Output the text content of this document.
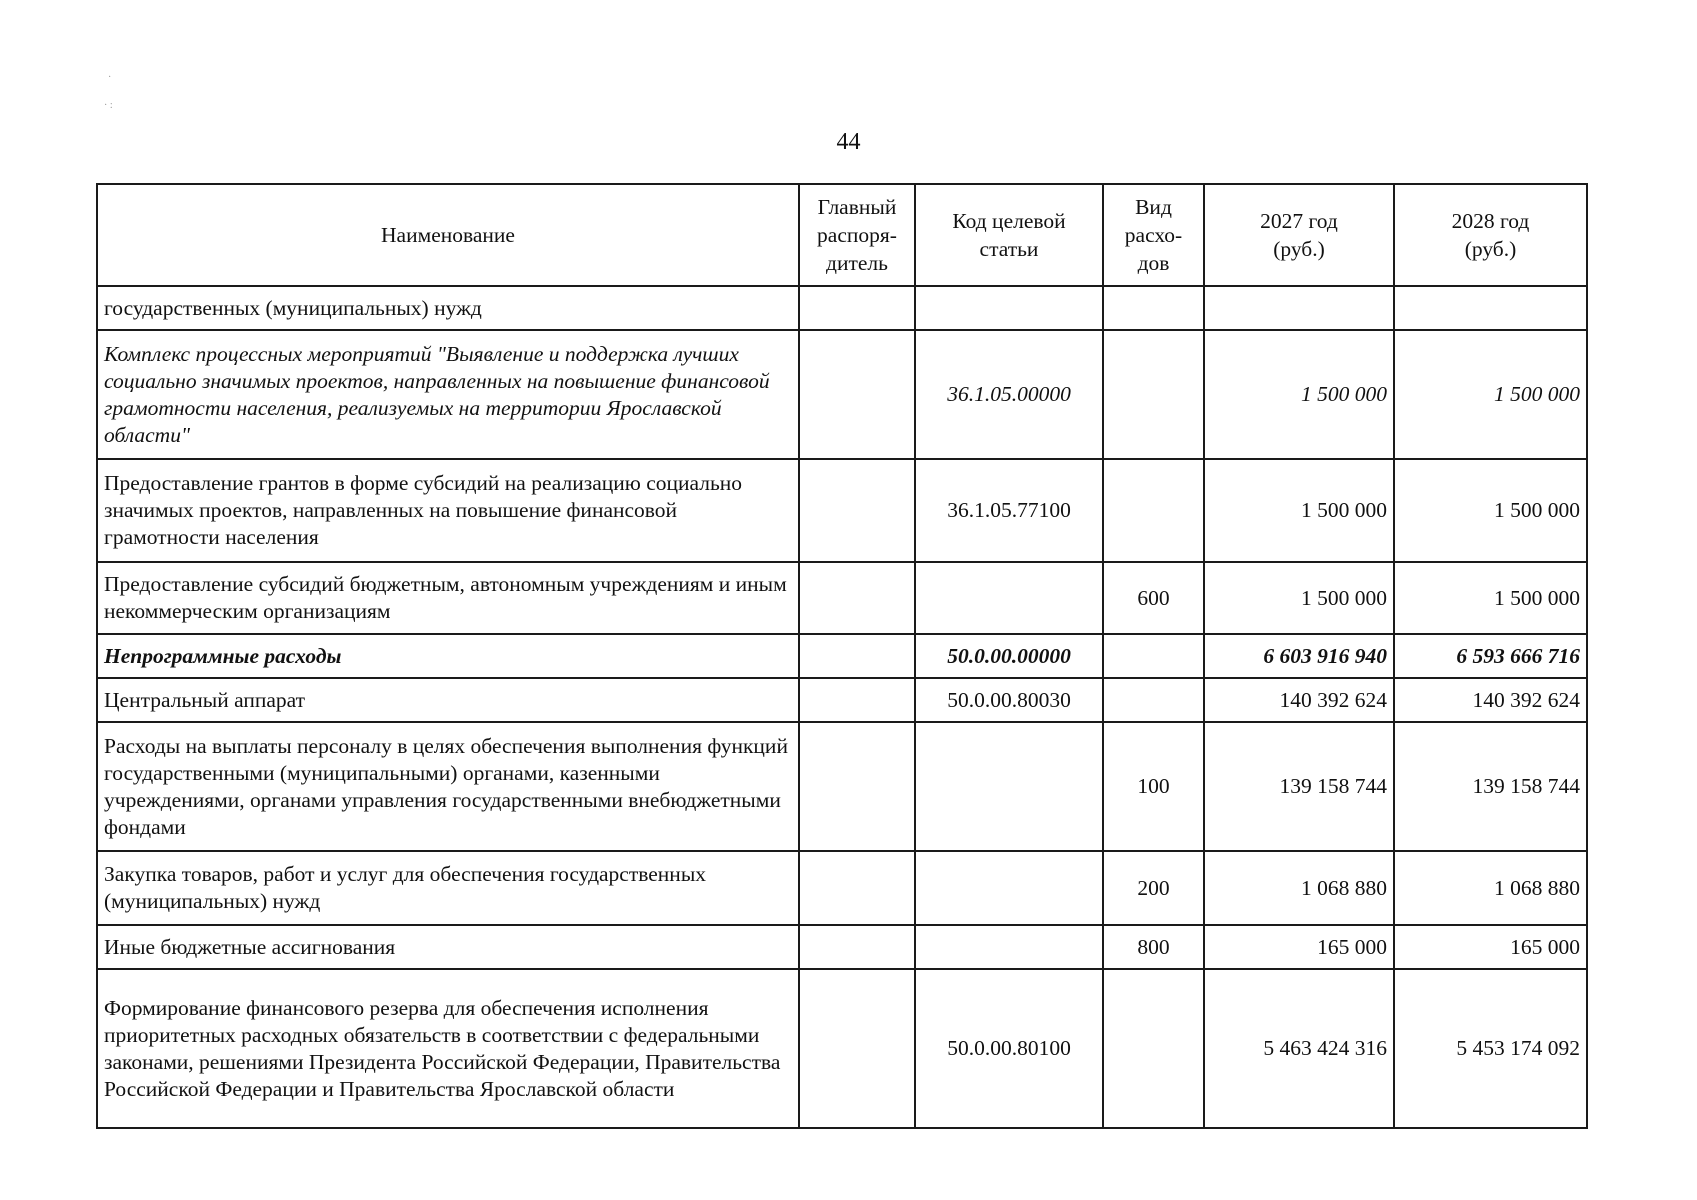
44
·
· :
Наименование	Главный распоря-дитель	Код целевой статьи	Вид расхо-дов	2027 год (руб.)	2028 год (руб.)
государственных (муниципальных) нужд					
Комплекс процессных мероприятий "Выявление и поддержка лучших социально значимых проектов, направленных на повышение финансовой грамотности населения, реализуемых на территории Ярославской области"		36.1.05.00000		1 500 000	1 500 000
Предоставление грантов в форме субсидий на реализацию социально значимых проектов, направленных на повышение финансовой грамотности населения		36.1.05.77100		1 500 000	1 500 000
Предоставление субсидий бюджетным, автономным учреждениям и иным некоммерческим организациям			600	1 500 000	1 500 000
Непрограммные расходы		50.0.00.00000		6 603 916 940	6 593 666 716
Центральный аппарат		50.0.00.80030		140 392 624	140 392 624
Расходы на выплаты персоналу в целях обеспечения выполнения функций государственными (муниципальными) органами, казенными учреждениями, органами управления государственными внебюджетными фондами			100	139 158 744	139 158 744
Закупка товаров, работ и услуг для обеспечения государственных (муниципальных) нужд			200	1 068 880	1 068 880
Иные бюджетные ассигнования			800	165 000	165 000
Формирование финансового резерва для обеспечения исполнения приоритетных расходных обязательств в соответствии с федеральными законами, решениями Президента Российской Федерации, Правительства Российской Федерации и Правительства Ярославской области		50.0.00.80100		5 463 424 316	5 453 174 092
